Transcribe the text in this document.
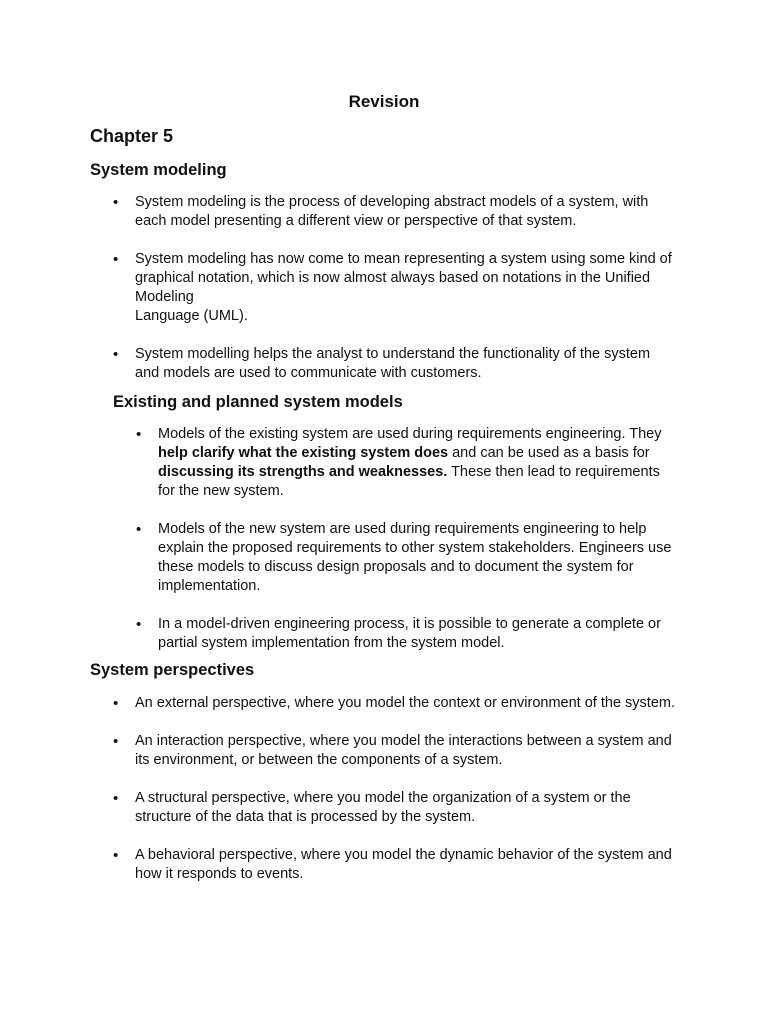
Revision
Chapter 5
System modeling
• System modeling is the process of developing abstract models of a system, with each model presenting a different view or perspective of that system.
• System modeling has now come to mean representing a system using some kind of graphical notation, which is now almost always based on notations in the Unified Modeling
Language (UML).
• System modelling helps the analyst to understand the functionality of the system and models are used to communicate with customers.
Existing and planned system models
• Models of the existing system are used during requirements engineering. They help clarify what the existing system does and can be used as a basis for discussing its strengths and weaknesses. These then lead to requirements for the new system.
• Models of the new system are used during requirements engineering to help explain the proposed requirements to other system stakeholders. Engineers use these models to discuss design proposals and to document the system for implementation.
• In a model-driven engineering process, it is possible to generate a complete or partial system implementation from the system model.
System perspectives
• An external perspective, where you model the context or environment of the system.
• An interaction perspective, where you model the interactions between a system and its environment, or between the components of a system.
• A structural perspective, where you model the organization of a system or the structure of the data that is processed by the system.
• A behavioral perspective, where you model the dynamic behavior of the system and how it responds to events.
